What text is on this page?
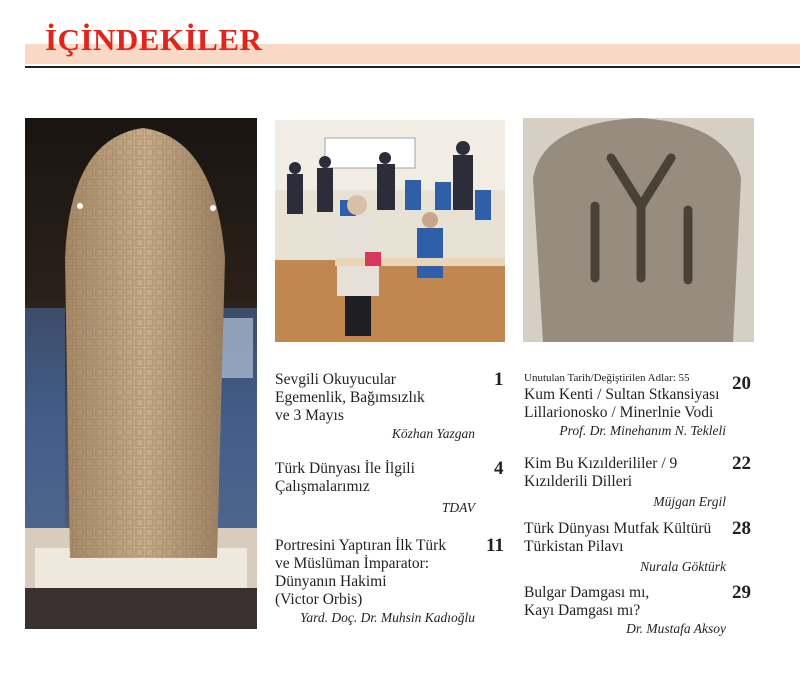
İÇİNDEKİLER
Sevgili Okuyucular
Egemenlik, Bağımsızlık
ve 3 Mayıs
Közhan Yazgan
1
Türk Dünyası İle İlgili
Çalışmalarımız
TDAV
4
Portresini Yaptıran İlk Türk
ve Müslüman İmparator:
Dünyanın Hakimi
(Victor Orbis)
Yard. Doç. Dr. Muhsin Kadıoğlu
11
Unutulan Tarih/Değiştirilen Adlar: 55
Kum Kenti / Sultan Stkansiyası
Lillarionosko / Minerlnie Vodi
Prof. Dr. Minehanım N. Tekleli
20
Kim Bu Kızılderililer / 9
Kızılderili Dilleri
Müjgan Ergil
22
Türk Dünyası Mutfak Kültürü
Türkistan Pilavı
Nurala Göktürk
28
Bulgar Damgası mı,
Kayı Damgası mı?
Dr. Mustafa Aksoy
29
